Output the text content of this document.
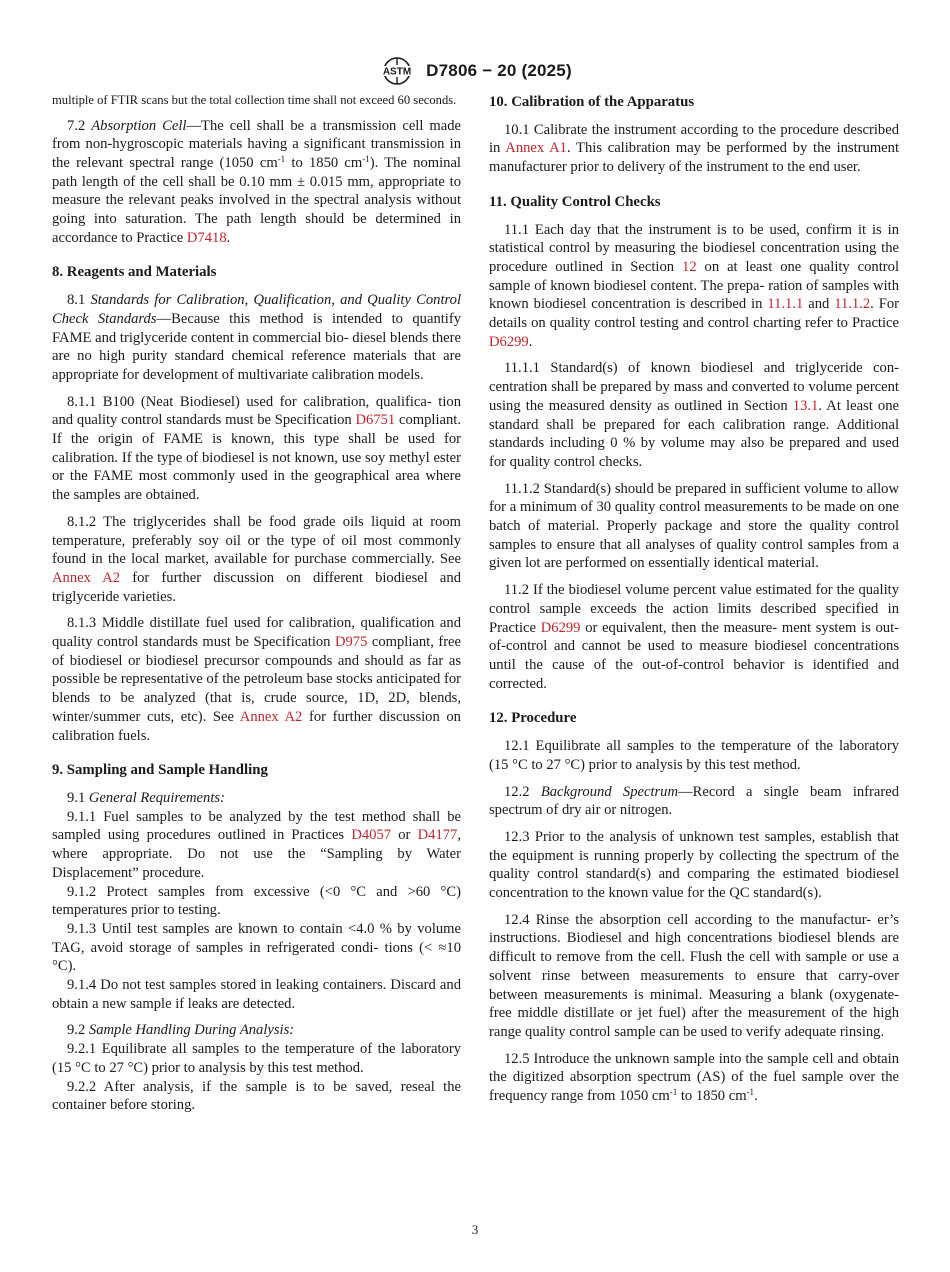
ASTM D7806 − 20 (2025)

multiple of FTIR scans but the total collection time shall not exceed 60 seconds.

7.2 Absorption Cell—The cell shall be a transmission cell made from non-hygroscopic materials having a significant transmission in the relevant spectral range (1050 $cm^{-1}$ to 1850 $cm^{-1}$). The nominal path length of the cell shall be 0.10 mm ± 0.015 mm, appropriate to measure the relevant peaks involved in the spectral analysis without going into saturation. The path length should be determined in accordance to Practice D7418.

8. Reagents and Materials

8.1 Standards for Calibration, Qualification, and Quality Control Check Standards—Because this method is intended to quantify FAME and triglyceride content in commercial bio- diesel blends there are no high purity standard chemical reference materials that are appropriate for development of multivariate calibration models.

8.1.1 B100 (Neat Biodiesel) used for calibration, qualifica- tion and quality control standards must be Specification D6751 compliant. If the origin of FAME is known, this type shall be used for calibration. If the type of biodiesel is not known, use soy methyl ester or the FAME most commonly used in the geographical area where the samples are obtained.

8.1.2 The triglycerides shall be food grade oils liquid at room temperature, preferably soy oil or the type of oil most commonly found in the local market, available for purchase commercially. See Annex A2 for further discussion on different biodiesel and triglyceride varieties.

8.1.3 Middle distillate fuel used for calibration, qualification and quality control standards must be Specification D975 compliant, free of biodiesel or biodiesel precursor compounds and should as far as possible be representative of the petroleum base stocks anticipated for blends to be analyzed (that is, crude source, 1D, 2D, blends, winter/summer cuts, etc). See Annex A2 for further discussion on calibration fuels.

9. Sampling and Sample Handling

9.1 General Requirements:

9.1.1 Fuel samples to be analyzed by the test method shall be sampled using procedures outlined in Practices D4057 or D4177, where appropriate. Do not use the “Sampling by Water Displacement” procedure.

9.1.2 Protect samples from excessive (<0 °C and >60 °C) temperatures prior to testing.

9.1.3 Until test samples are known to contain <4.0 % by volume TAG, avoid storage of samples in refrigerated condi- tions (< ≈10 °C).

9.1.4 Do not test samples stored in leaking containers. Discard and obtain a new sample if leaks are detected.

9.2 Sample Handling During Analysis:

9.2.1 Equilibrate all samples to the temperature of the laboratory (15 °C to 27 °C) prior to analysis by this test method.

9.2.2 After analysis, if the sample is to be saved, reseal the container before storing.

10. Calibration of the Apparatus

10.1 Calibrate the instrument according to the procedure described in Annex A1. This calibration may be performed by the instrument manufacturer prior to delivery of the instrument to the end user.

11. Quality Control Checks

11.1 Each day that the instrument is to be used, confirm it is in statistical control by measuring the biodiesel concentration using the procedure outlined in Section 12 on at least one quality control sample of known biodiesel content. The prepa- ration of samples with known biodiesel concentration is described in 11.1.1 and 11.1.2. For details on quality control testing and control charting refer to Practice D6299.

11.1.1 Standard(s) of known biodiesel and triglyceride con- centration shall be prepared by mass and converted to volume percent using the measured density as outlined in Section 13.1. At least one standard shall be prepared for each calibration range. Additional standards including 0 % by volume may also be prepared and used for quality control checks.

11.1.2 Standard(s) should be prepared in sufficient volume to allow for a minimum of 30 quality control measurements to be made on one batch of material. Properly package and store the quality control samples to ensure that all analyses of quality control samples from a given lot are performed on essentially identical material.

11.2 If the biodiesel volume percent value estimated for the quality control sample exceeds the action limits described specified in Practice D6299 or equivalent, then the measure- ment system is out-of-control and cannot be used to measure biodiesel concentrations until the cause of the out-of-control behavior is identified and corrected.

12. Procedure

12.1 Equilibrate all samples to the temperature of the laboratory (15 °C to 27 °C) prior to analysis by this test method.

12.2 Background Spectrum—Record a single beam infrared spectrum of dry air or nitrogen.

12.3 Prior to the analysis of unknown test samples, establish that the equipment is running properly by collecting the spectrum of the quality control standard(s) and comparing the estimated biodiesel concentration to the known value for the QC standard(s).

12.4 Rinse the absorption cell according to the manufactur- er’s instructions. Biodiesel and high concentrations biodiesel blends are difficult to remove from the cell. Flush the cell with sample or use a solvent rinse between measurements to ensure that carry-over between measurements is minimal. Measuring a blank (oxygenate-free middle distillate or jet fuel) after the measurement of the high range quality control sample can be used to verify adequate rinsing.

12.5 Introduce the unknown sample into the sample cell and obtain the digitized absorption spectrum (AS) of the fuel sample over the frequency range from 1050 $cm^{-1}$ to 1850 $cm^{-1}$.

3
